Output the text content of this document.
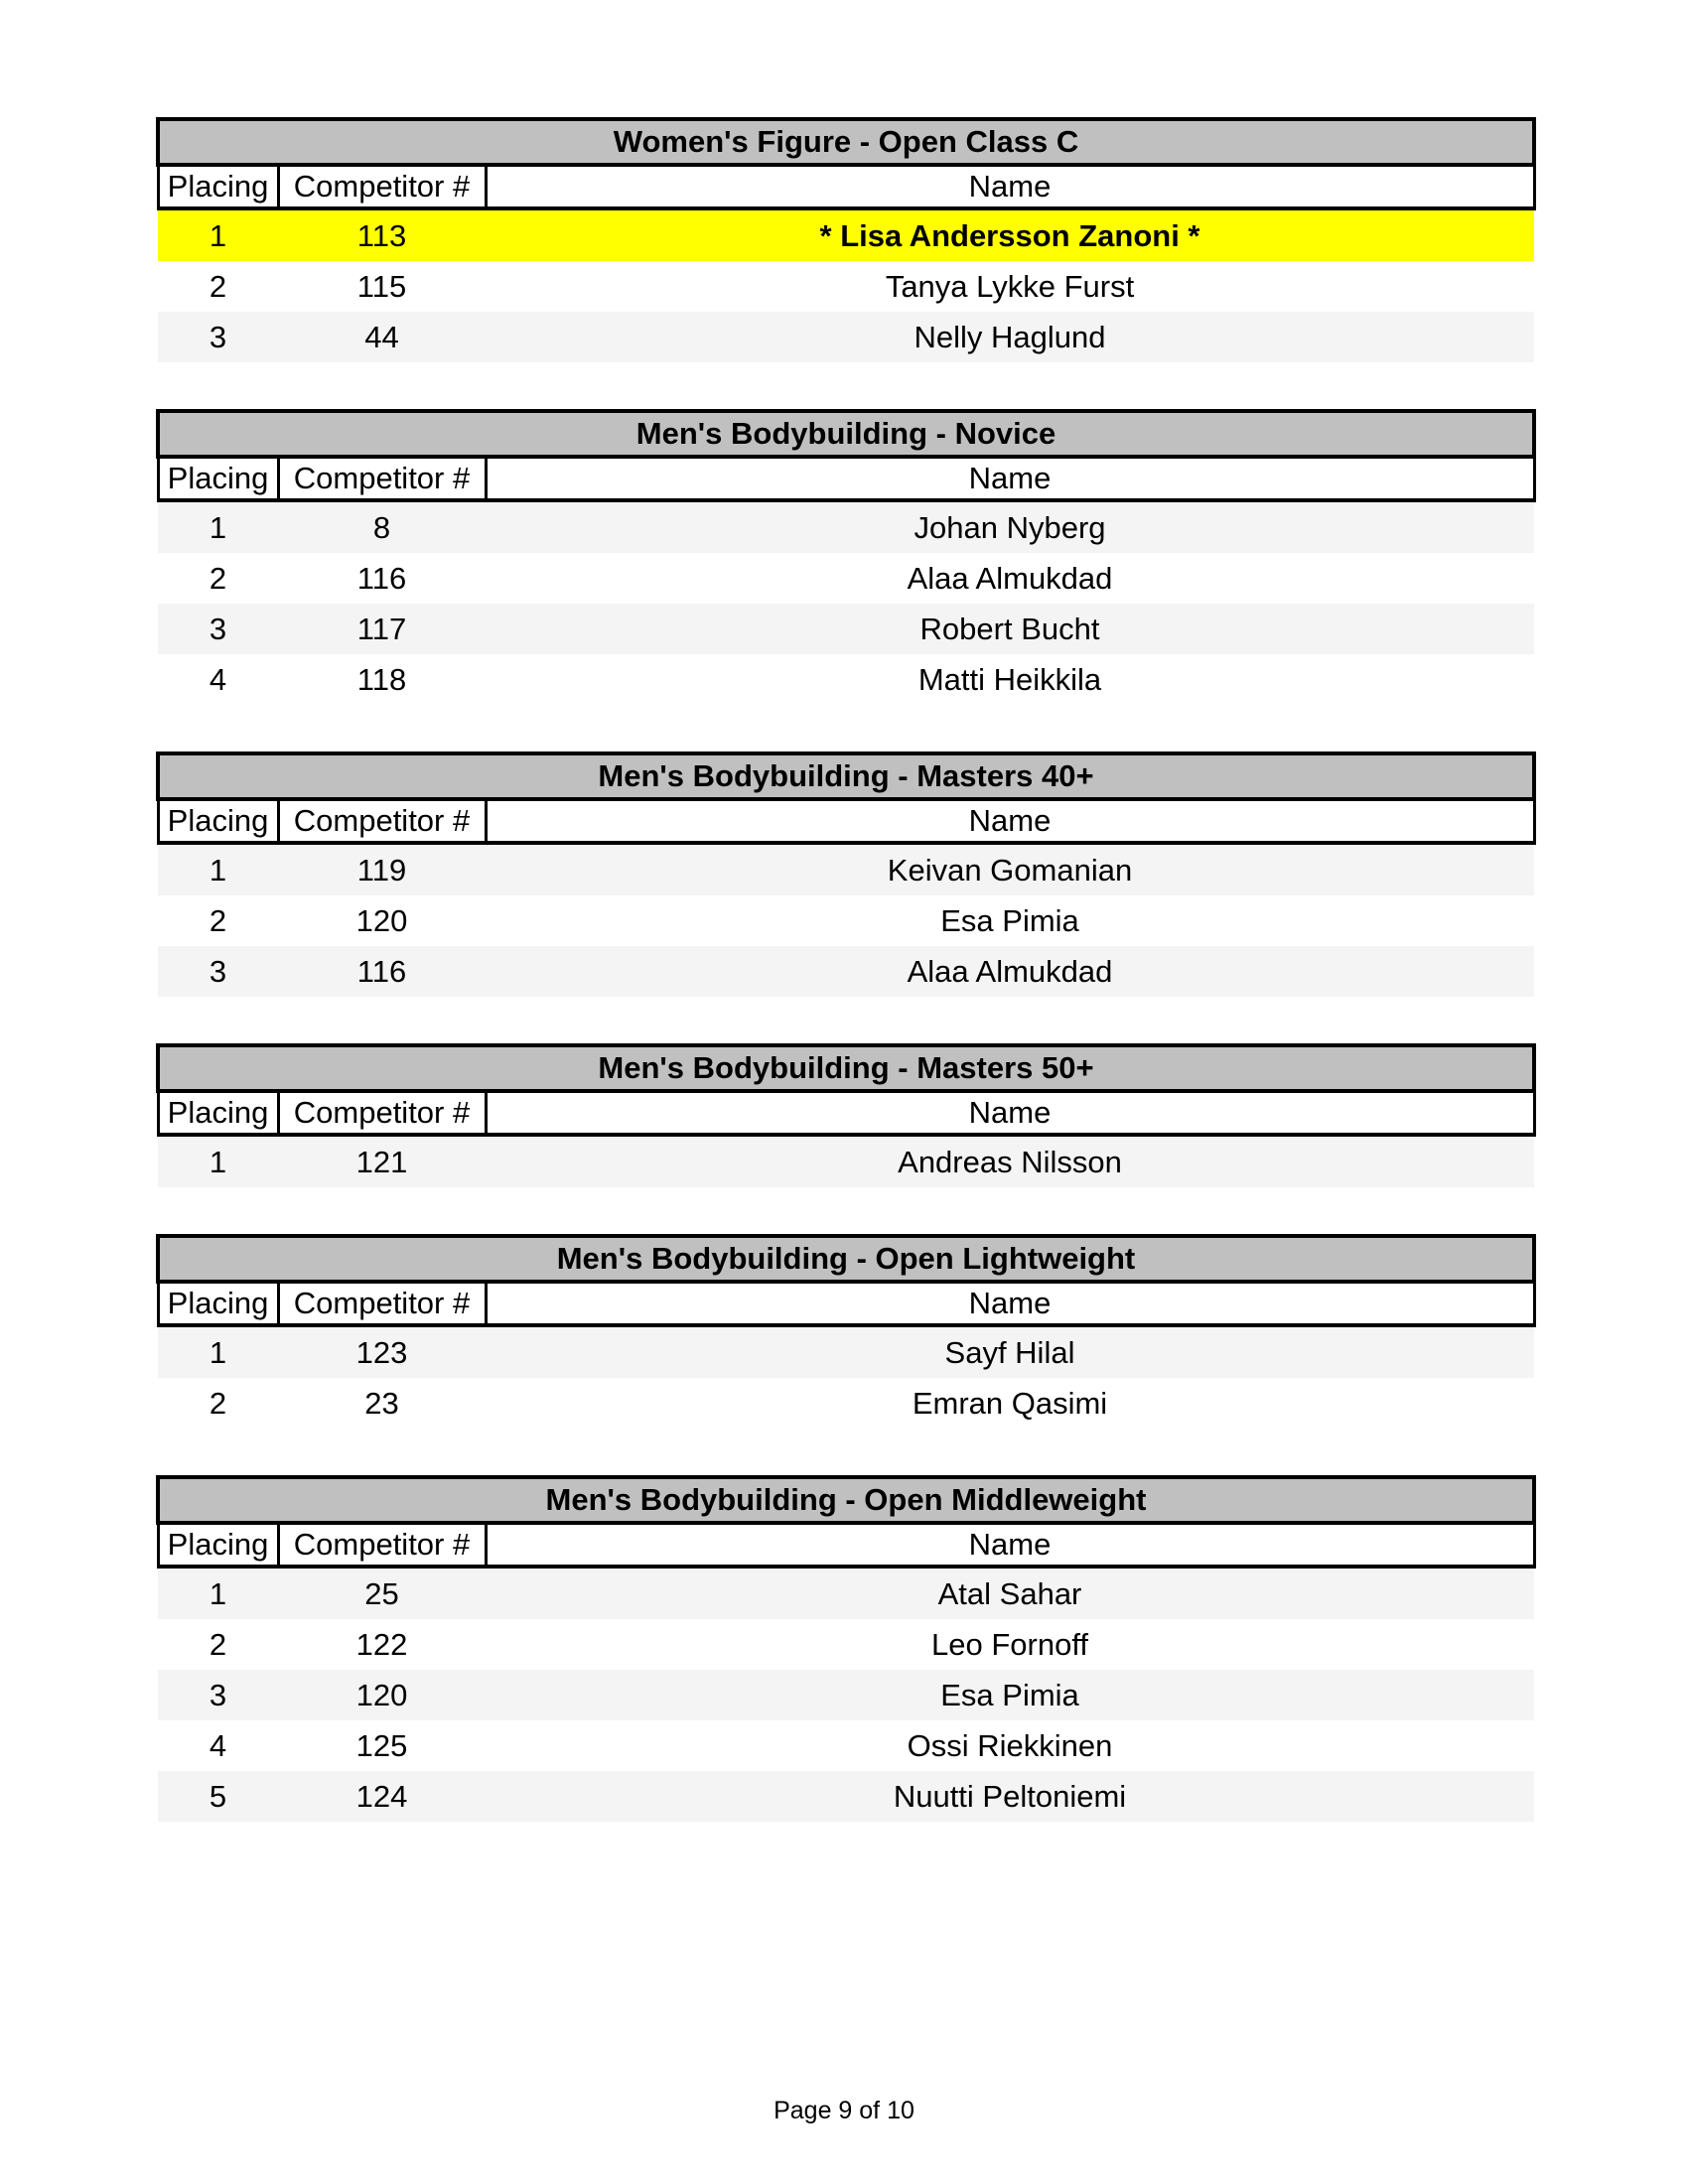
Women's Figure - Open Class C		
Placing	Competitor #	Name
1	113	* Lisa Andersson Zanoni *
2	115	Tanya Lykke Furst
3	44	Nelly Haglund
Men's Bodybuilding - Novice		
Placing	Competitor #	Name
1	8	Johan Nyberg
2	116	Alaa Almukdad
3	117	Robert Bucht
4	118	Matti Heikkila
Men's Bodybuilding - Masters 40+		
Placing	Competitor #	Name
1	119	Keivan Gomanian
2	120	Esa Pimia
3	116	Alaa Almukdad
Men's Bodybuilding - Masters 50+		
Placing	Competitor #	Name
1	121	Andreas Nilsson
Men's Bodybuilding - Open Lightweight		
Placing	Competitor #	Name
1	123	Sayf Hilal
2	23	Emran Qasimi
Men's Bodybuilding - Open Middleweight		
Placing	Competitor #	Name
1	25	Atal Sahar
2	122	Leo Fornoff
3	120	Esa Pimia
4	125	Ossi Riekkinen
5	124	Nuutti Peltoniemi
Page 9 of 10
